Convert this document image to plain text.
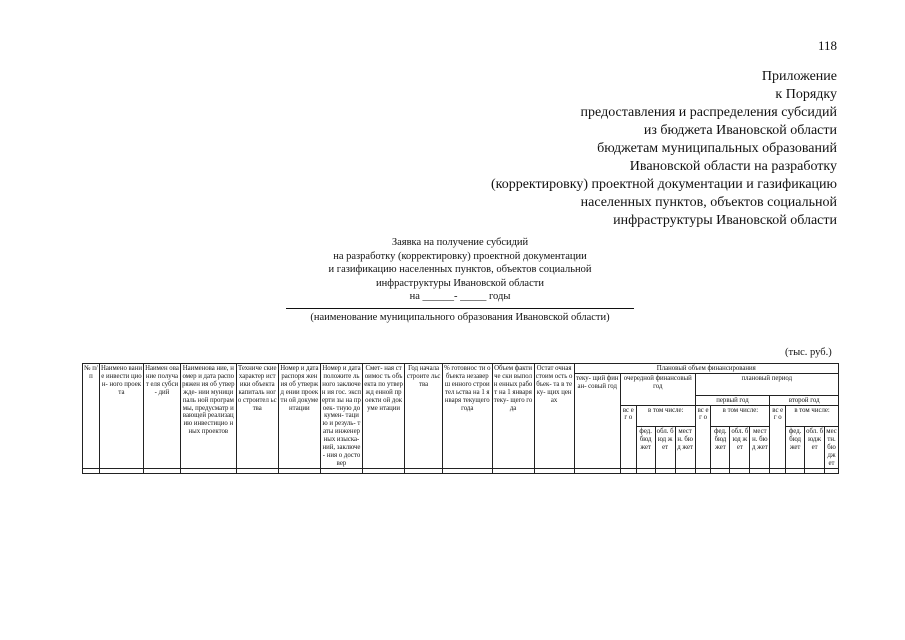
118
Приложение
к Порядку
предоставления и распределения субсидий
из бюджета Ивановской области
бюджетам муниципальных образований
Ивановской области на разработку
(корректировку) проектной документации и газификацию
населенных пунктов, объектов социальной
инфраструктуры Ивановской области
Заявка на получение субсидий
на разработку (корректировку) проектной документации
и газификацию населенных пунктов, объектов социальной
инфраструктуры Ивановской области
на ______- _____ годы
(наименование муниципального образования Ивановской области)
(тыс. руб.)
№ п/п	Наимено вание инвести цион- ного проекта	Наимен ование получат еля субси- дий	Наименова ние, номер и дата распоряжен ия об утвержде- нии муниципаль ной программы, предусматр ивающей реализацию инвестицио нных проектов	Техниче ские характер истики объекта капиталь ного строител ьства	Номер и дата распоря жения об утвержд ении проектн ой докуме нтации	Номер и дата положите льного заключен ия гос. эксперти зы на проек- тную докумен- тацию и резуль- таты инженер ных изыска- ний, заключе- ния о достовер	Смет- ная стоимос ть объекта по утвержд енной проекти ой докуме нтации	Год начала строите льства	% готовнос ти объекта незаверш енного строител ьства на 1 января текущего года	Объем фактиче ски выполн енных работ на 1 января теку- щего года	Остат очная стоим ость объек- та в теку- щих ценах	Плановый объем финансирования												
												теку- щий финан- совый год	очередной финансовый год				плановый период							
																	первый год				второй год			
													вс ег о	в том числе:			вс ег о	в том числе:			вс ег о	в том числе:		
														фед. бюд жет	обл. бюд жет	мест н. бюд жет		фед. бюд жет	обл. бюд жет	мест н. бюд жет		фед. бюд жет	обл. бюдж ет	мес тн. бю дж ет
